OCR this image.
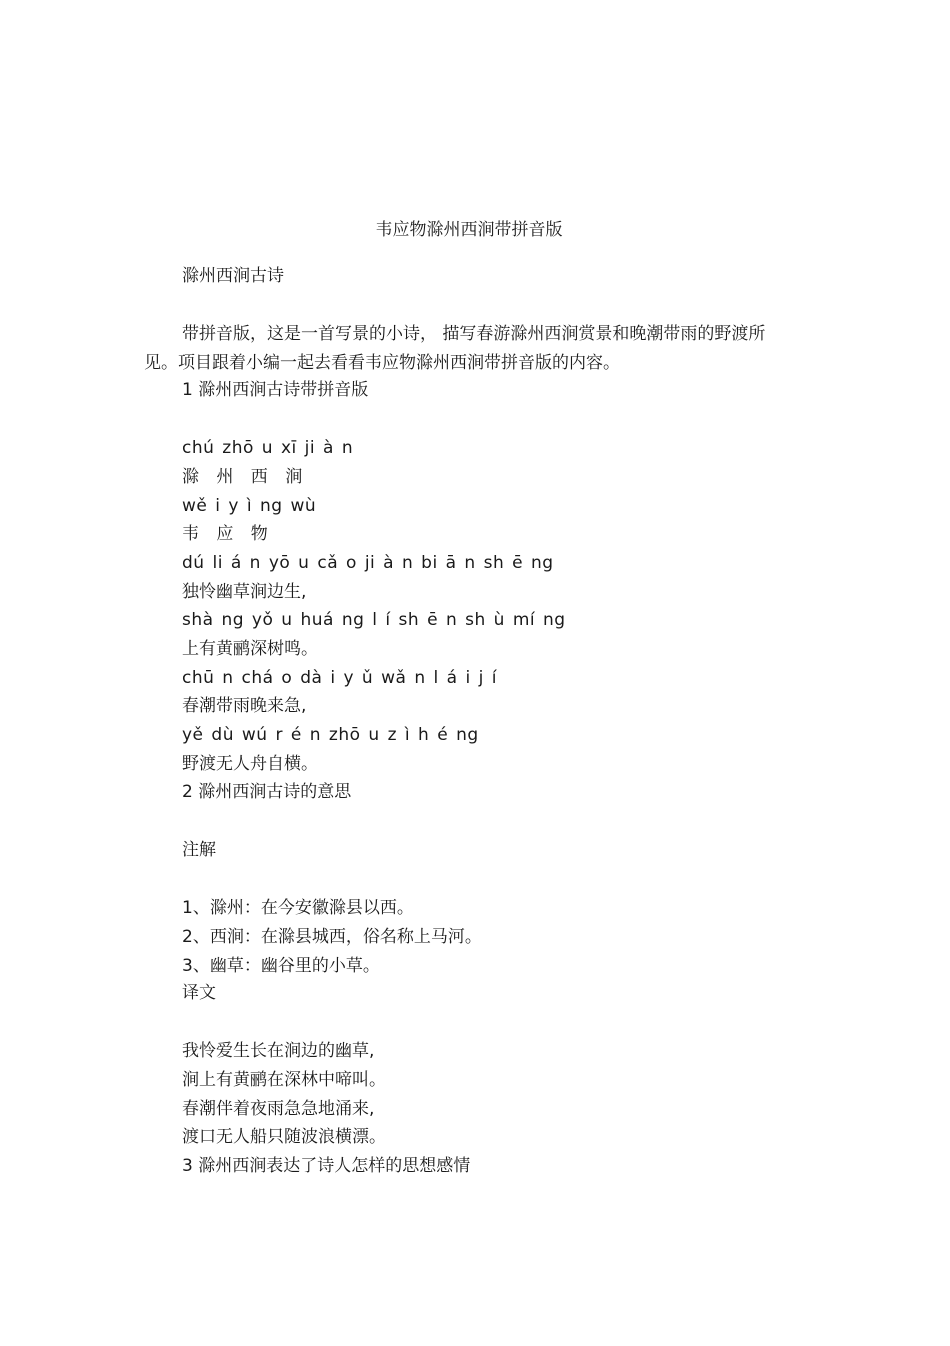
韦应物滁州西涧带拼音版
滁州西涧古诗
带拼音版，这是一首写景的小诗， 描写春游滁州西涧赏景和晚潮带雨的野渡所见。项目跟着小编一起去看看韦应物滁州西涧带拼音版的内容。
1 滁州西涧古诗带拼音版
chú zhō u xī ji à n
滁 州 西 涧
wě i y ì ng wù
韦 应 物
dú li á n yō u cǎ o ji à n bi ā n sh ē ng
独怜幽草涧边生,
shà ng yǒ u huá ng l í sh ē n sh ù mí ng
上有黄鹂深树鸣。
chū n chá o dà i y ǔ wǎ n l á i j í
春潮带雨晚来急,
yě dù wú r é n zhō u z ì h é ng
野渡无人舟自横。
2 滁州西涧古诗的意思
注解
1、滁州：在今安徽滁县以西。
2、西涧：在滁县城西，俗名称上马河。
3、幽草：幽谷里的小草。
译文
我怜爱生长在涧边的幽草,
涧上有黄鹂在深林中啼叫。
春潮伴着夜雨急急地涌来,
渡口无人船只随波浪横漂。
3 滁州西涧表达了诗人怎样的思想感情
